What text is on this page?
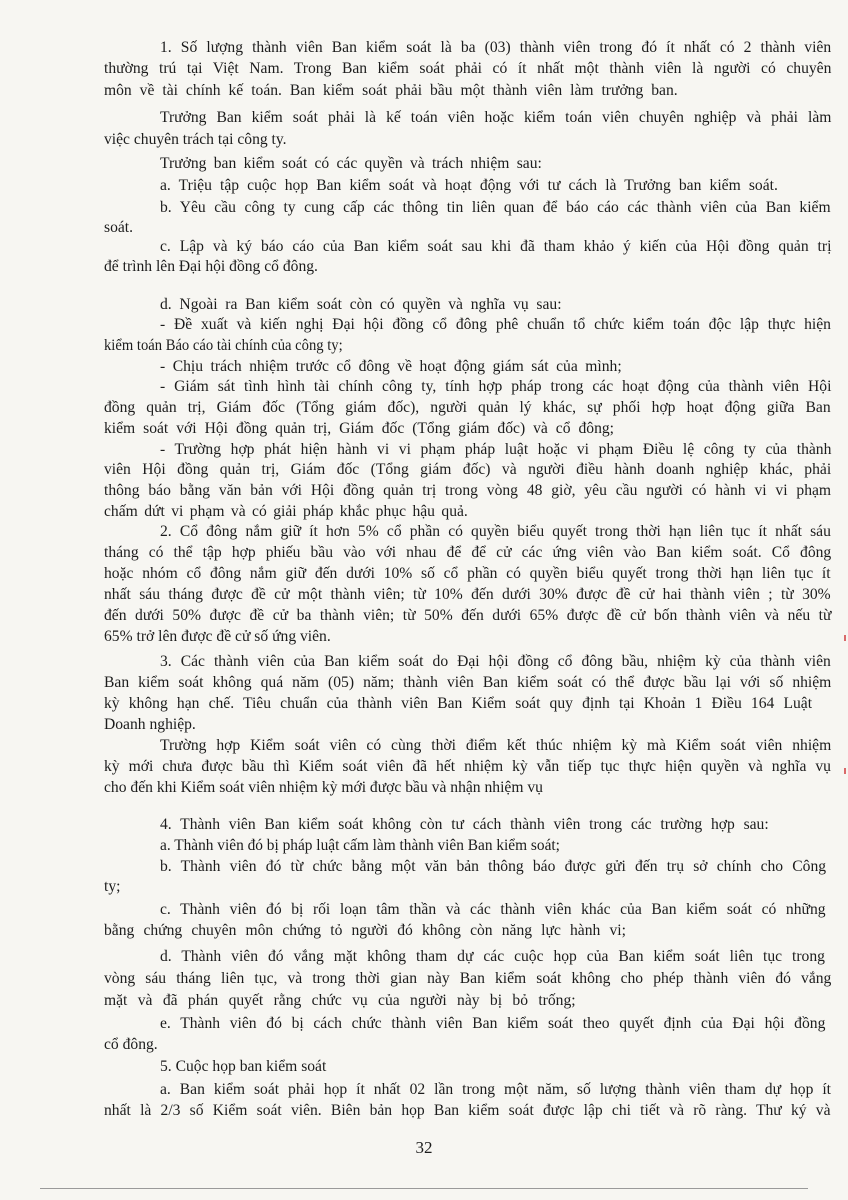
1. Số lượng thành viên Ban kiểm soát là ba (03) thành viên trong đó ít nhất có 2 thành viên
thường trú tại Việt Nam. Trong Ban kiểm soát phải có ít nhất một thành viên là người có chuyên
môn về tài chính kế toán. Ban kiểm soát phải bầu một thành viên làm trưởng ban.
Trưởng Ban kiểm soát phải là kế toán viên hoặc kiểm toán viên chuyên nghiệp và phải làm
việc chuyên trách tại công ty.
Trưởng ban kiểm soát có các quyền và trách nhiệm sau:
a. Triệu tập cuộc họp Ban kiểm soát và hoạt động với tư cách là Trưởng ban kiểm soát.
b. Yêu cầu công ty cung cấp các thông tin liên quan để báo cáo các thành viên của Ban kiểm
soát.
c. Lập và ký báo cáo của Ban kiểm soát sau khi đã tham khảo ý kiến của Hội đồng quản trị
để trình lên Đại hội đồng cổ đông.
d. Ngoài ra Ban kiểm soát còn có quyền và nghĩa vụ sau:
- Đề xuất và kiến nghị Đại hội đồng cổ đông phê chuẩn tổ chức kiểm toán độc lập thực hiện
kiểm toán Báo cáo tài chính của công ty;
- Chịu trách nhiệm trước cổ đông về hoạt động giám sát của mình;
- Giám sát tình hình tài chính công ty, tính hợp pháp trong các hoạt động của thành viên Hội
đồng quản trị, Giám đốc (Tổng giám đốc), người quản lý khác, sự phối hợp hoạt động giữa Ban
kiểm soát với Hội đồng quản trị, Giám đốc (Tổng giám đốc) và cổ đông;
- Trường hợp phát hiện hành vi vi phạm pháp luật hoặc vi phạm Điều lệ công ty của thành
viên Hội đồng quản trị, Giám đốc (Tổng giám đốc) và người điều hành doanh nghiệp khác, phải
thông báo bằng văn bản với Hội đồng quản trị trong vòng 48 giờ, yêu cầu người có hành vi vi phạm
chấm dứt vi phạm và có giải pháp khắc phục hậu quả.
2. Cổ đông nắm giữ ít hơn 5% cổ phần có quyền biểu quyết trong thời hạn liên tục ít nhất sáu
tháng có thể tập hợp phiếu bầu vào với nhau để để cử các ứng viên vào Ban kiểm soát. Cổ đông
hoặc nhóm cổ đông nắm giữ đến dưới 10% số cổ phần có quyền biểu quyết trong thời hạn liên tục ít
nhất sáu tháng được đề cử một thành viên; từ 10% đến dưới 30% được đề cử hai thành viên ; từ 30%
đến dưới 50% được đề cử ba thành viên; từ 50% đến dưới 65% được đề cử bốn thành viên và nếu từ
65% trở lên được đề cử số ứng viên.
3. Các thành viên của Ban kiểm soát do Đại hội đồng cổ đông bầu, nhiệm kỳ của thành viên
Ban kiểm soát không quá năm (05) năm; thành viên Ban kiểm soát có thể được bầu lại với số nhiệm
kỳ không hạn chế. Tiêu chuẩn của thành viên Ban Kiểm soát quy định tại Khoản 1 Điều 164 Luật
Doanh nghiệp.
Trường hợp Kiểm soát viên có cùng thời điểm kết thúc nhiệm kỳ mà Kiểm soát viên nhiệm
kỳ mới chưa được bầu thì Kiểm soát viên đã hết nhiệm kỳ vẫn tiếp tục thực hiện quyền và nghĩa vụ
cho đến khi Kiểm soát viên nhiệm kỳ mới được bầu và nhận nhiệm vụ
4. Thành viên Ban kiểm soát không còn tư cách thành viên trong các trường hợp sau:
a. Thành viên đó bị pháp luật cấm làm thành viên Ban kiểm soát;
b. Thành viên đó từ chức bằng một văn bản thông báo được gửi đến trụ sở chính cho Công
ty;
c. Thành viên đó bị rối loạn tâm thần và các thành viên khác của Ban kiểm soát có những
bằng chứng chuyên môn chứng tỏ người đó không còn năng lực hành vi;
d. Thành viên đó vắng mặt không tham dự các cuộc họp của Ban kiểm soát liên tục trong
vòng sáu tháng liên tục, và trong thời gian này Ban kiểm soát không cho phép thành viên đó vắng
mặt và đã phán quyết rằng chức vụ của người này bị bỏ trống;
e. Thành viên đó bị cách chức thành viên Ban kiểm soát theo quyết định của Đại hội đồng
cổ đông.
5. Cuộc họp ban kiểm soát
a. Ban kiểm soát phải họp ít nhất 02 lần trong một năm, số lượng thành viên tham dự họp ít
nhất là 2/3 số Kiểm soát viên. Biên bản họp Ban kiểm soát được lập chi tiết và rõ ràng. Thư ký và
32
